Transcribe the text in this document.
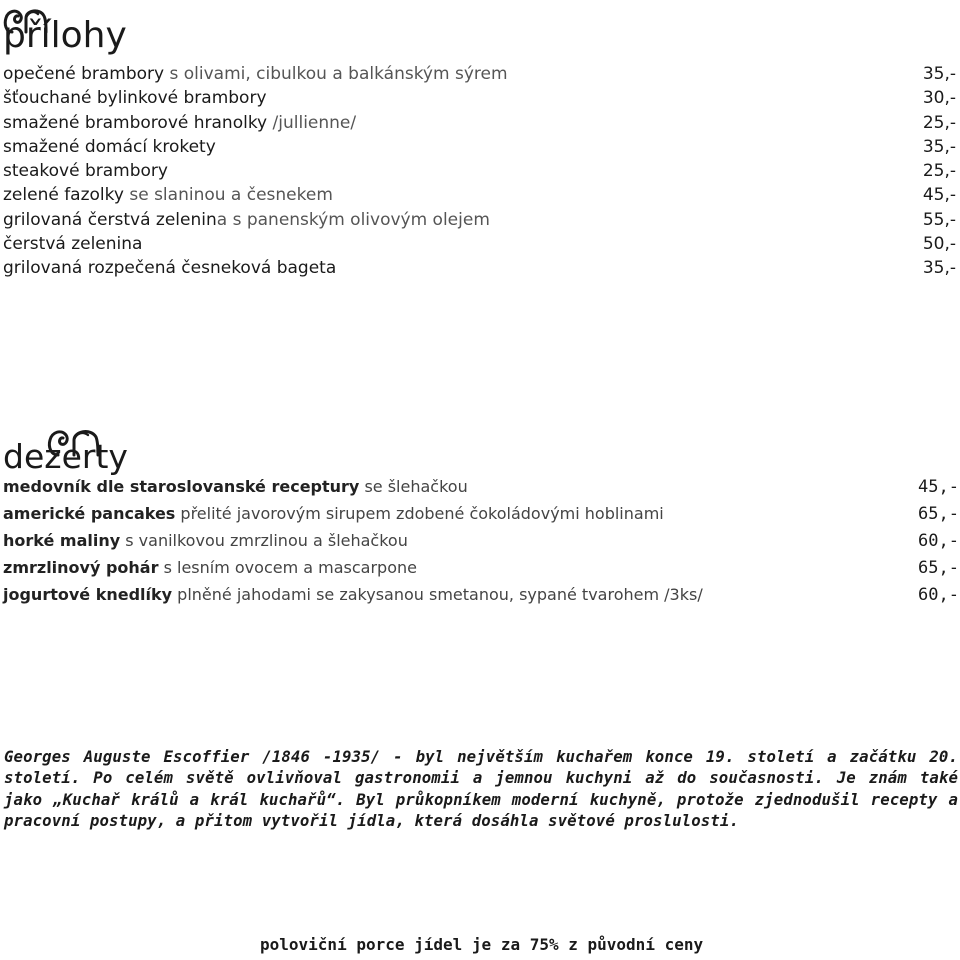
přílohy
opečené brambory s olivami, cibulkou a balkánským sýrem	35,-
šťouchané bylinkové brambory	30,-
smažené bramborové hranolky /jullienne/	25,-
smažené domácí krokety	35,-
steakové brambory	25,-
zelené fazolky se slaninou a česnekem	45,-
grilovaná čerstvá zelenina s panenským olivovým olejem	55,-
čerstvá zelenina	50,-
grilovaná rozpečená česneková bageta	35,-
dezerty
medovník dle staroslovanské receptury se šlehačkou	45,-
americké pancakes přelité javorovým sirupem zdobené čokoládovými hoblinami	65,-
horké maliny s vanilkovou zmrzlinou a šlehačkou	60,-
zmrzlinový pohár s lesním ovocem a mascarpone	65,-
jogurtové knedlíky plněné jahodami se zakysanou smetanou, sypané tvarohem /3ks/	60,-

Georges Auguste Escoffier /1846 -1935/ - byl největším kuchařem konce 19. století a začátku 20. století. Po celém světě ovlivňoval gastronomii a jemnou kuchyni až do současnosti. Je znám také jako „Kuchař králů a král kuchařů“. Byl průkopníkem moderní kuchyně, protože zjednodušil recepty a pracovní postupy, a přitom vytvořil jídla, která dosáhla světové proslulosti.

poloviční porce jídel je za 75% z původní ceny
